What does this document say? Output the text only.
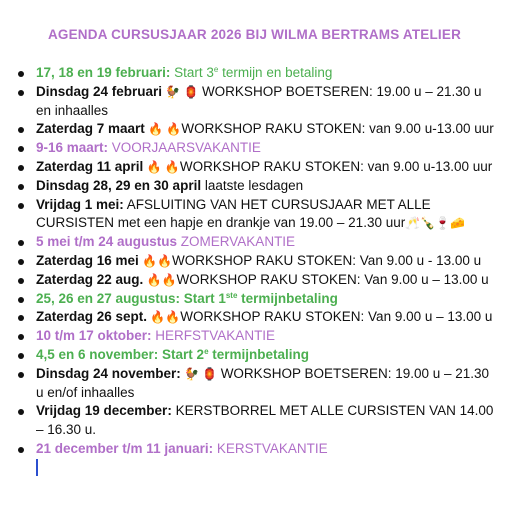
AGENDA CURSUSJAAR 2026 BIJ WILMA BERTRAMS ATELIER
17, 18 en 19 februari: Start 3e termijn en betaling
Dinsdag 24 februari 🐓 🏮 WORKSHOP BOETSEREN: 19.00 u – 21.30 u en inhaalles
Zaterdag 7 maart 🔥 🔥WORKSHOP RAKU STOKEN: van 9.00 u-13.00 uur
9-16 maart: VOORJAARSVAKANTIE
Zaterdag 11 april 🔥 🔥WORKSHOP RAKU STOKEN: van 9.00 u-13.00 uur
Dinsdag 28, 29 en 30 april laatste lesdagen
Vrijdag 1 mei: AFSLUITING VAN HET CURSUSJAAR MET ALLE CURSISTEN met een hapje en drankje van 19.00 – 21.30 uur🥂🍾🍷🧀
5 mei t/m 24 augustus ZOMERVAKANTIE
Zaterdag 16 mei 🔥🔥WORKSHOP RAKU STOKEN: Van 9.00 u - 13.00 u
Zaterdag 22 aug. 🔥🔥WORKSHOP RAKU STOKEN: Van 9.00 u – 13.00 u
25, 26 en 27 augustus: Start 1ste termijnbetaling
Zaterdag 26 sept. 🔥🔥WORKSHOP RAKU STOKEN: Van 9.00 u – 13.00 u
10 t/m 17 oktober: HERFSTVAKANTIE
4,5 en 6 november: Start 2e termijnbetaling
Dinsdag 24 november: 🐓 🏮 WORKSHOP BOETSEREN: 19.00 u – 21.30 u en/of inhaalles
Vrijdag 19 december: KERSTBORREL MET ALLE CURSISTEN VAN 14.00 – 16.30 u.
21 december t/m 11 januari: KERSTVAKANTIE
